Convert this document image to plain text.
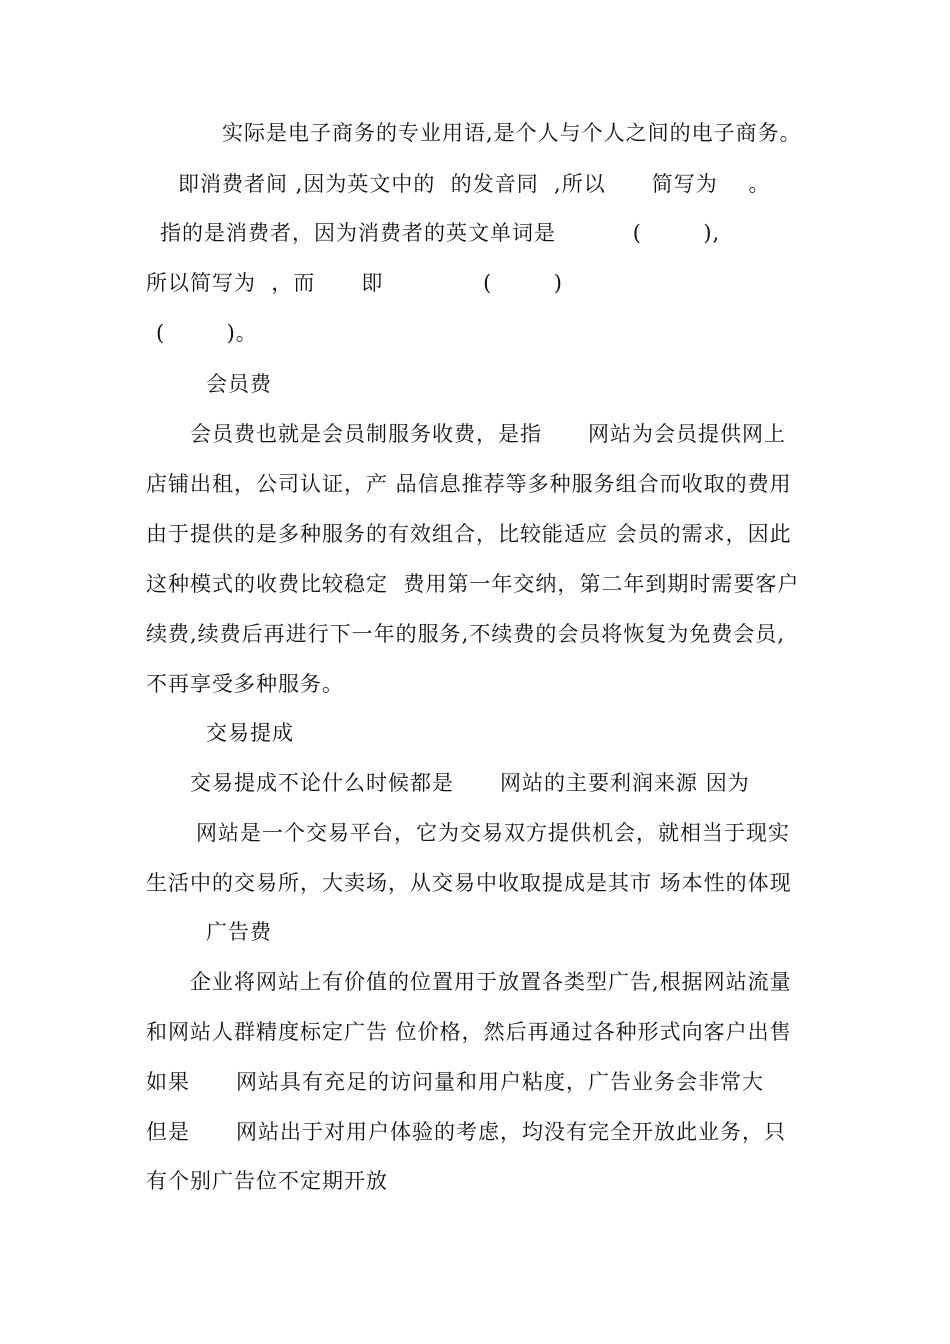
实际是电子商务的专业用语,是个人与个人之间的电子商务。
即消费者间 ,因为英文中的  的发音同  ,所以      简写为    。
指的是消费者，因为消费者的英文单词是          (        ),
所以简写为  ，而      即             (        )
(        )。
会员费
会员费也就是会员制服务收费，是指      网站为会员提供网上
店铺出租，公司认证，产 品信息推荐等多种服务组合而收取的费用
由于提供的是多种服务的有效组合，比较能适应 会员的需求，因此
这种模式的收费比较稳定  费用第一年交纳，第二年到期时需要客户
续费,续费后再进行下一年的服务,不续费的会员将恢复为免费会员,
不再享受多种服务。
交易提成
交易提成不论什么时候都是      网站的主要利润来源 因为
网站是一个交易平台，它为交易双方提供机会，就相当于现实
生活中的交易所，大卖场，从交易中收取提成是其市 场本性的体现
广告费
企业将网站上有价值的位置用于放置各类型广告,根据网站流量
和网站人群精度标定广告 位价格，然后再通过各种形式向客户出售
如果      网站具有充足的访问量和用户粘度，广告业务会非常大
但是      网站出于对用户体验的考虑，均没有完全开放此业务，只
有个别广告位不定期开放
